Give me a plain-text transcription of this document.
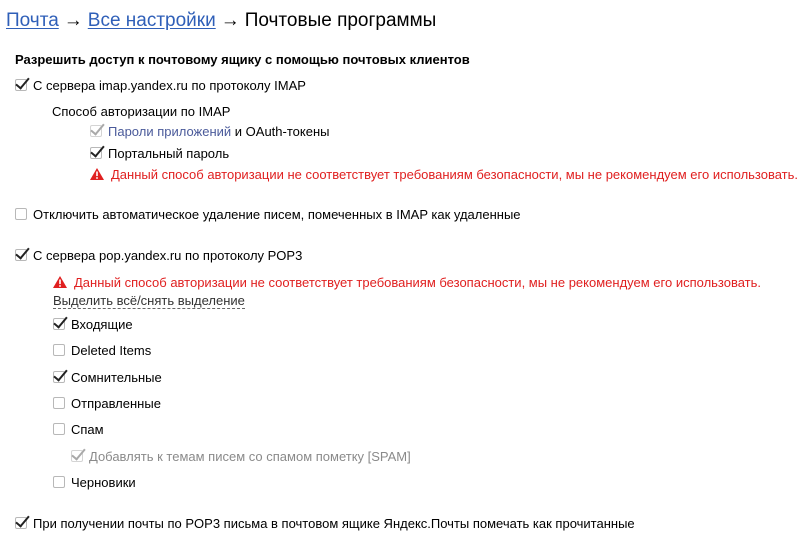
Почта → Все настройки → Почтовые программы
Разрешить доступ к почтовому ящику с помощью почтовых клиентов
С сервера imap.yandex.ru по протоколу IMAP
Способ авторизации по IMAP
Пароли приложений и OAuth-токены
Портальный пароль
Данный способ авторизации не соответствует требованиям безопасности, мы не рекомендуем его использовать.
Отключить автоматическое удаление писем, помеченных в IMAP как удаленные
С сервера pop.yandex.ru по протоколу POP3
Данный способ авторизации не соответствует требованиям безопасности, мы не рекомендуем его использовать.
Выделить всё/снять выделение
Входящие
Deleted Items
Сомнительные
Отправленные
Спам
Добавлять к темам писем со спамом пометку [SPAM]
Черновики
При получении почты по POP3 письма в почтовом ящике Яндекс.Почты помечать как прочитанные
